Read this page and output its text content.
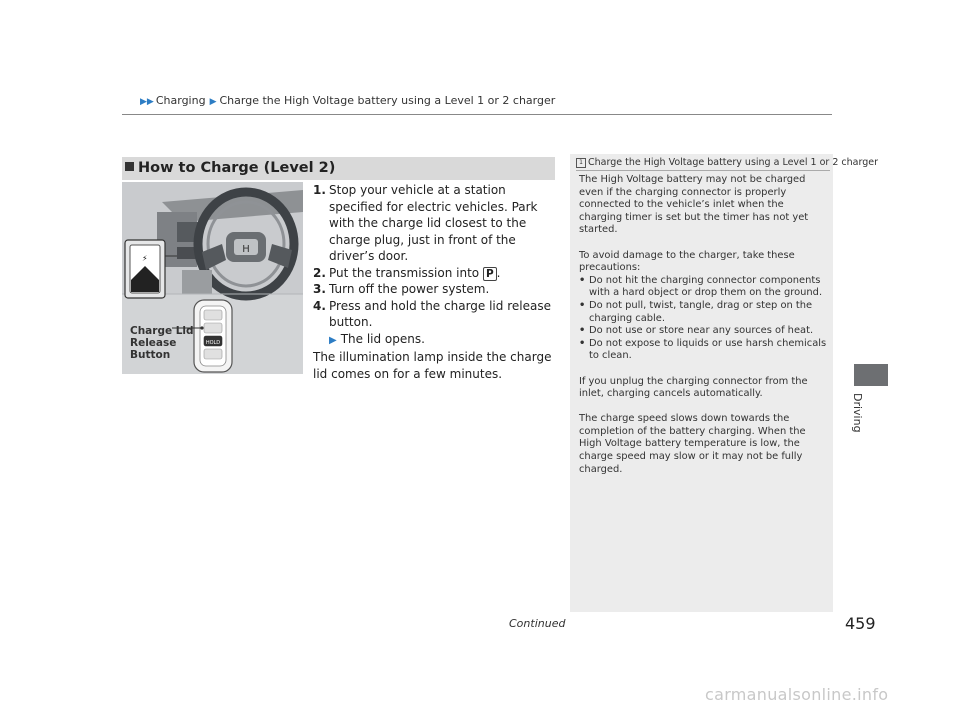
▶▶ Charging ▶ Charge the High Voltage battery using a Level 1 or 2 charger
Driving
How to Charge (Level 2)
H
⚡
HOLD
Charge Lid
Release
Button
1. Stop your vehicle at a station specified for electric vehicles. Park with the charge lid closest to the charge plug, just in front of the driver’s door.
2. Put the transmission into P .
3. Turn off the power system.
4. Press and hold the charge lid release button.
▶ The lid opens.
The illumination lamp inside the charge lid comes on for a few minutes.
1 Charge the High Voltage battery using a Level 1 or 2 charger

The High Voltage battery may not be charged even if the charging connector is properly connected to the vehicle’s inlet when the charging timer is set but the timer has not yet started.

To avoid damage to the charger, take these precautions:

• Do not hit the charging connector components with a hard object or drop them on the ground.
• Do not pull, twist, tangle, drag or step on the charging cable.
• Do not use or store near any sources of heat.
• Do not expose to liquids or use harsh chemicals to clean.

If you unplug the charging connector from the inlet, charging cancels automatically.

The charge speed slows down towards the completion of the battery charging. When the High Voltage battery temperature is low, the charge speed may slow or it may not be fully charged.

Continued	459
carmanualsonline.info
